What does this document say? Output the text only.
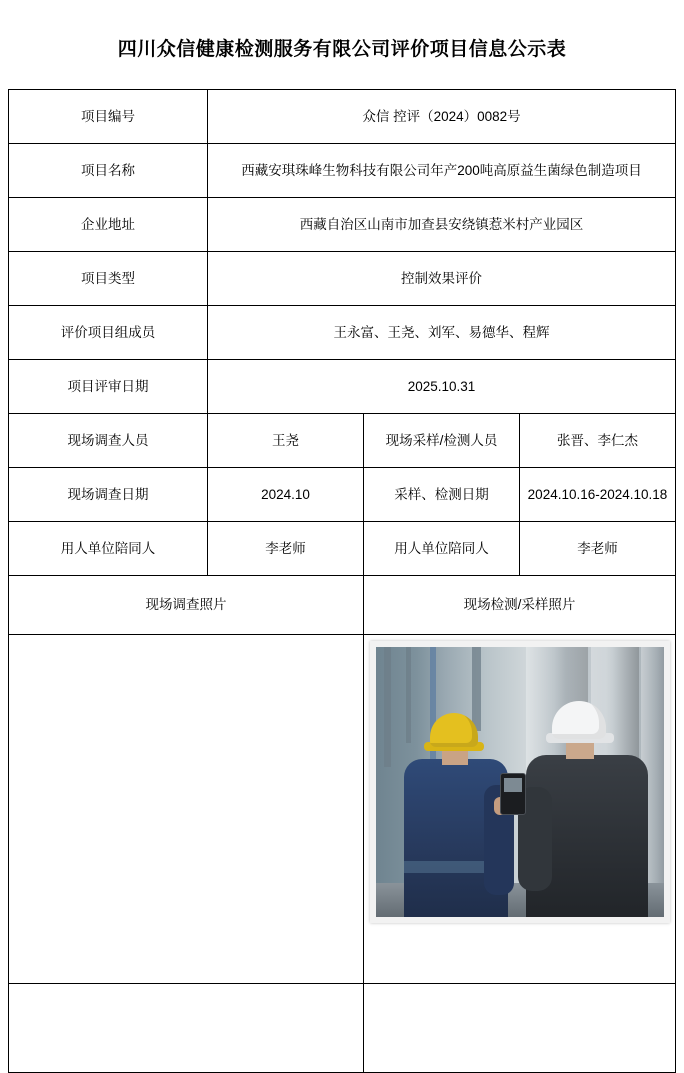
四川众信健康检测服务有限公司评价项目信息公示表
项目编号	众信 控评（2024）0082号		
项目名称	西藏安琪珠峰生物科技有限公司年产200吨高原益生菌绿色制造项目		
企业地址	西藏自治区山南市加查县安绕镇惹米村产业园区		
项目类型	控制效果评价		
评价项目组成员	王永富、王尧、刘军、易德华、程辉		
项目评审日期	2025.10.31		
现场调查人员	王尧	现场采样/检测人员	张晋、李仁杰
现场调查日期	2024.10	采样、检测日期	2024.10.16-2024.10.18
用人单位陪同人	李老师	用人单位陪同人	李老师
现场调查照片		现场检测/采样照片	
